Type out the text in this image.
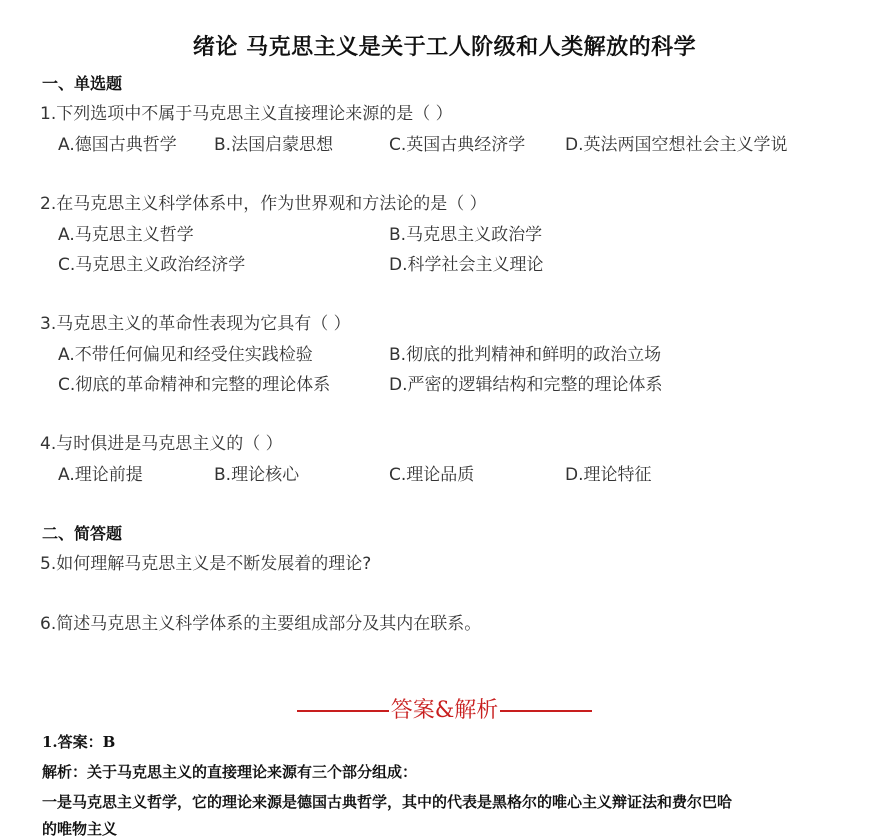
绪论 马克思主义是关于工人阶级和人类解放的科学
一、单选题
1.下列选项中不属于马克思主义直接理论来源的是（ ）
A.德国古典哲学 B.法国启蒙思想	C.英国古典经济学 D.英法两国空想社会主义学说
2.在马克思主义科学体系中，作为世界观和方法论的是（ ）
A.马克思主义哲学	B.马克思主义政治学
C.马克思主义政治经济学	D.科学社会主义理论
3.马克思主义的革命性表现为它具有（ ）
A.不带任何偏见和经受住实践检验	B.彻底的批判精神和鲜明的政治立场
C.彻底的革命精神和完整的理论体系	D.严密的逻辑结构和完整的理论体系
4.与时俱进是马克思主义的（ ）
A.理论前提	B.理论核心	C.理论品质	D.理论特征
二、简答题
5.如何理解马克思主义是不断发展着的理论?
6.简述马克思主义科学体系的主要组成部分及其内在联系。
答案&解析
1.答案：B
解析：关于马克思主义的直接理论来源有三个部分组成：
一是马克思主义哲学，它的理论来源是德国古典哲学，其中的代表是黑格尔的唯心主义辩证法和费尔巴哈
的唯物主义
